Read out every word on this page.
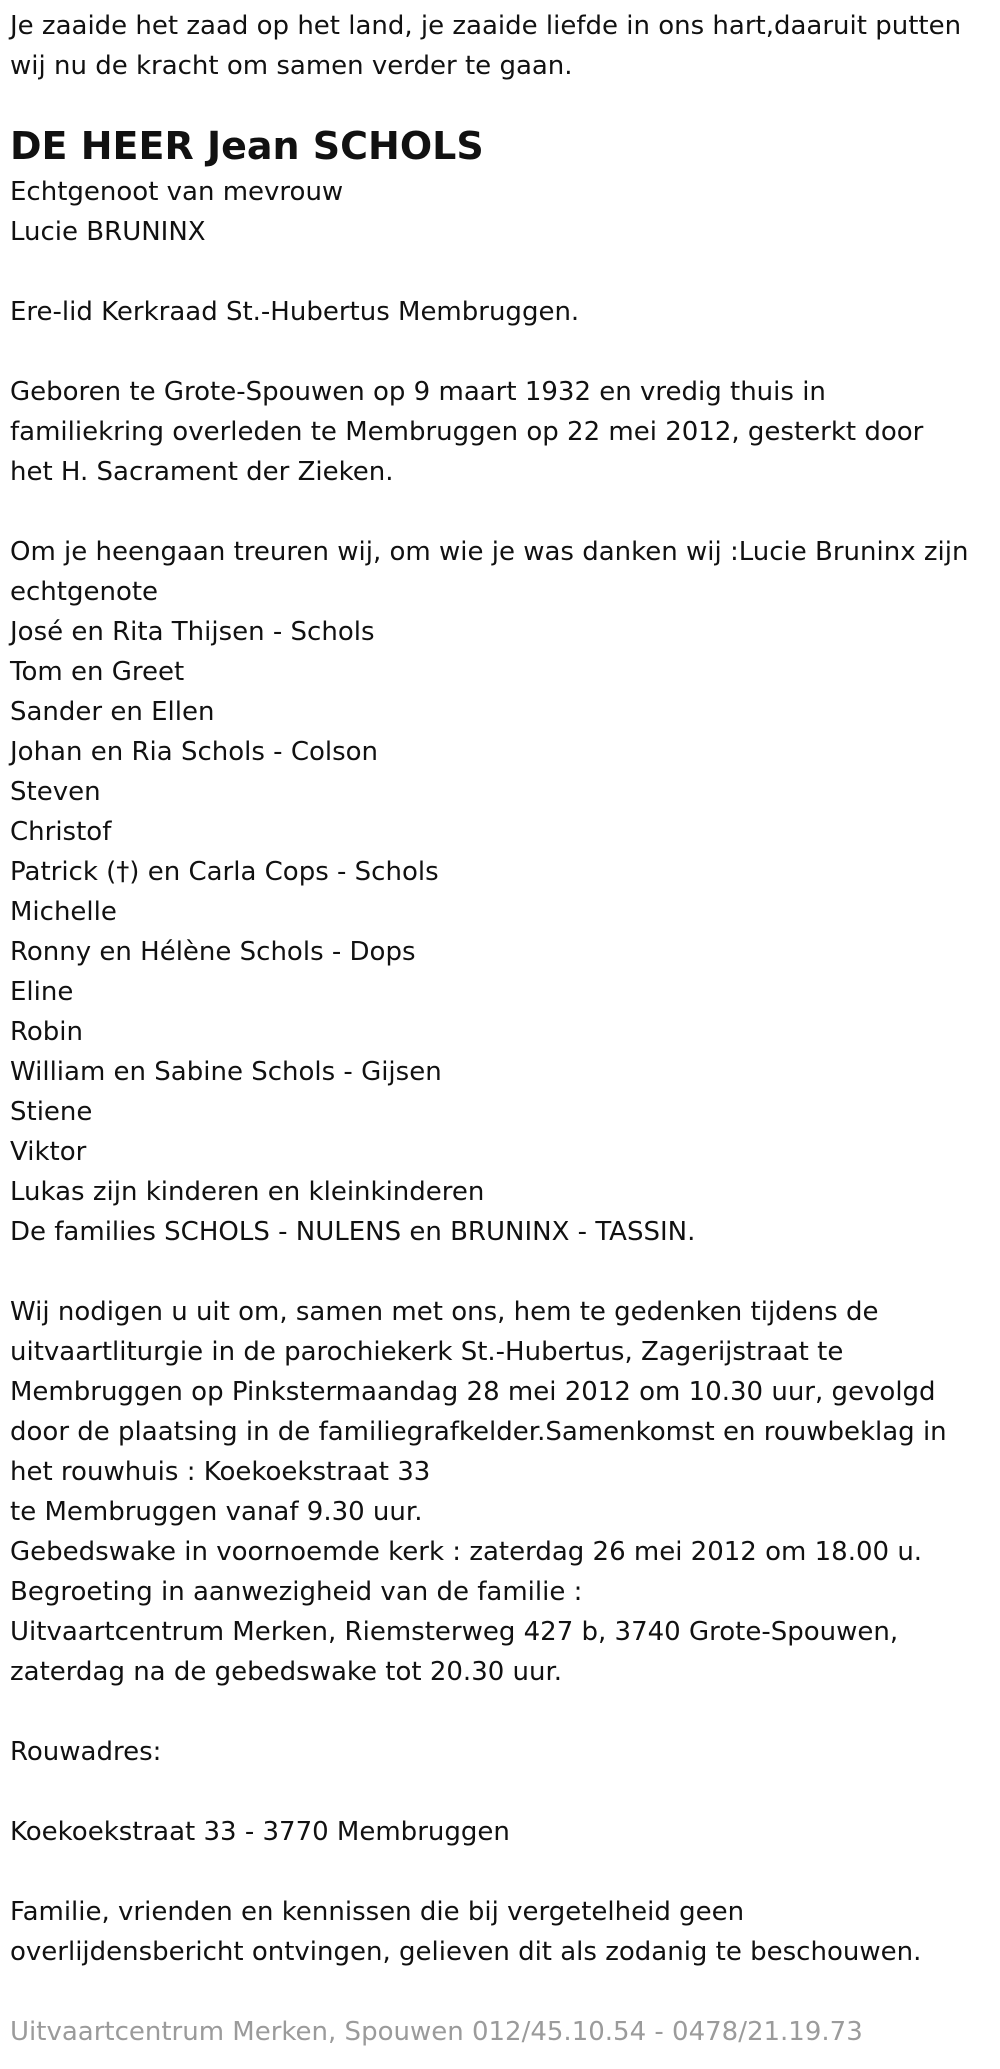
Je zaaide het zaad op het land, je zaaide liefde in ons hart,daaruit putten

wij nu de kracht om samen verder te gaan.

DE HEER Jean SCHOLS

Echtgenoot van mevrouw

Lucie BRUNINX

Ere-lid Kerkraad St.-Hubertus Membruggen.

Geboren te Grote-Spouwen op 9 maart 1932 en vredig thuis in

familiekring overleden te Membruggen op 22 mei 2012, gesterkt door

het H. Sacrament der Zieken.

Om je heengaan treuren wij, om wie je was danken wij :Lucie Bruninx zijn

echtgenote

José en Rita Thijsen - Schols

Tom en Greet

Sander en Ellen

Johan en Ria Schols - Colson

Steven

Christof

Patrick (†) en Carla Cops - Schols

Michelle

Ronny en Hélène Schols - Dops

Eline

Robin

William en Sabine Schols - Gijsen

Stiene

Viktor

Lukas zijn kinderen en kleinkinderen

De families SCHOLS - NULENS en BRUNINX - TASSIN.

Wij nodigen u uit om, samen met ons, hem te gedenken tijdens de

uitvaartliturgie in de parochiekerk St.-Hubertus, Zagerijstraat te

Membruggen op Pinkstermaandag 28 mei 2012 om 10.30 uur, gevolgd

door de plaatsing in de familiegrafkelder.Samenkomst en rouwbeklag in

het rouwhuis : Koekoekstraat 33

te Membruggen vanaf 9.30 uur.

Gebedswake in voornoemde kerk : zaterdag 26 mei 2012 om 18.00 u.

Begroeting in aanwezigheid van de familie :

Uitvaartcentrum Merken, Riemsterweg 427 b, 3740 Grote-Spouwen,

zaterdag na de gebedswake tot 20.30 uur.

Rouwadres:

Koekoekstraat 33 - 3770 Membruggen

Familie, vrienden en kennissen die bij vergetelheid geen

overlijdensbericht ontvingen, gelieven dit als zodanig te beschouwen.

Uitvaartcentrum Merken, Spouwen 012/45.10.54 - 0478/21.19.73
